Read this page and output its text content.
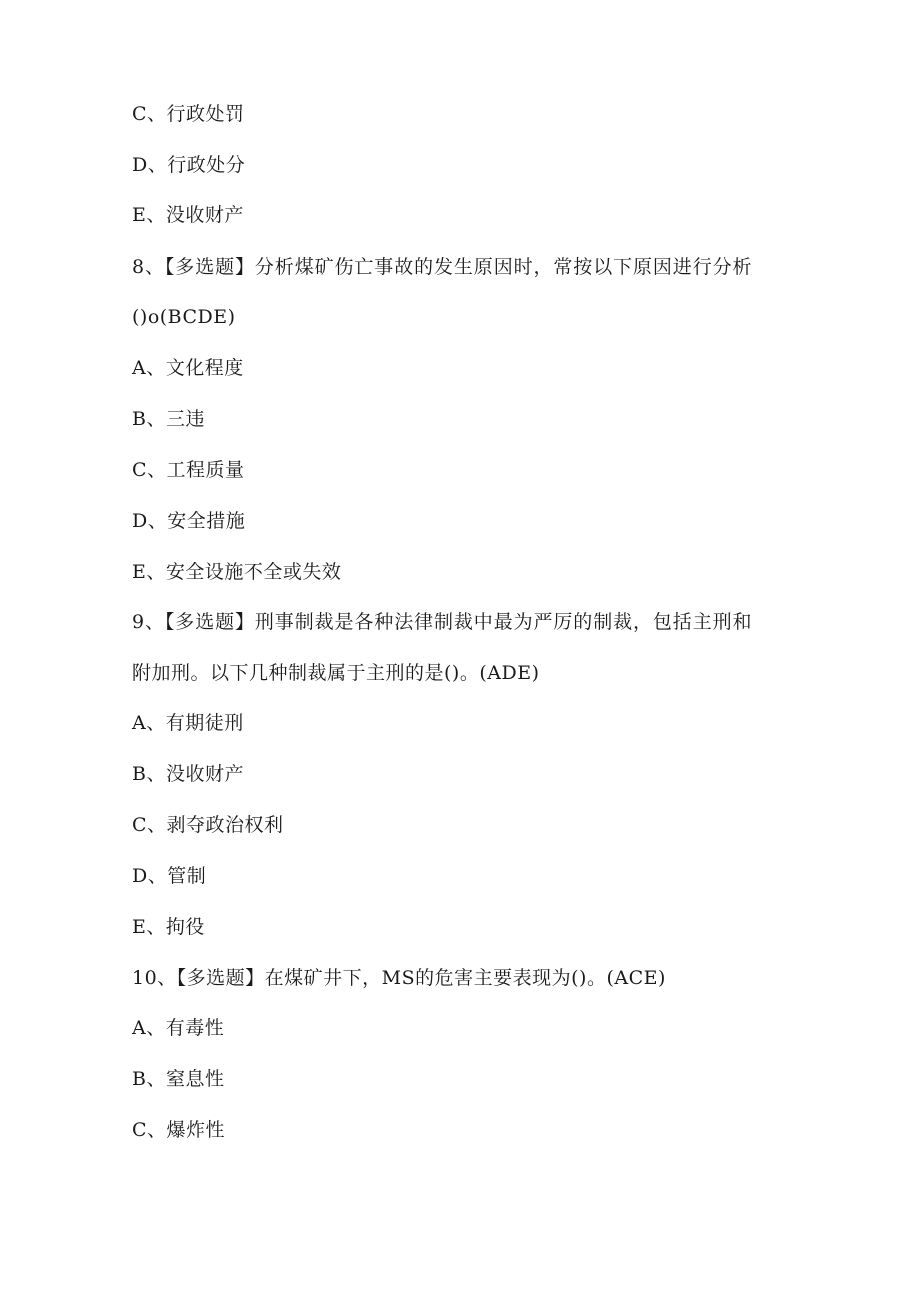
C、行政处罚
D、行政处分
E、没收财产
8、【多选题】分析煤矿伤亡事故的发生原因时，常按以下原因进行分析
()o(BCDE)
A、文化程度
B、三违
C、工程质量
D、安全措施
E、安全设施不全或失效
9、【多选题】刑事制裁是各种法律制裁中最为严厉的制裁，包括主刑和
附加刑。以下几种制裁属于主刑的是()。(ADE)
A、有期徒刑
B、没收财产
C、剥夺政治权利
D、管制
E、拘役
10、【多选题】在煤矿井下，MS的危害主要表现为()。(ACE)
A、有毒性
B、窒息性
C、爆炸性
